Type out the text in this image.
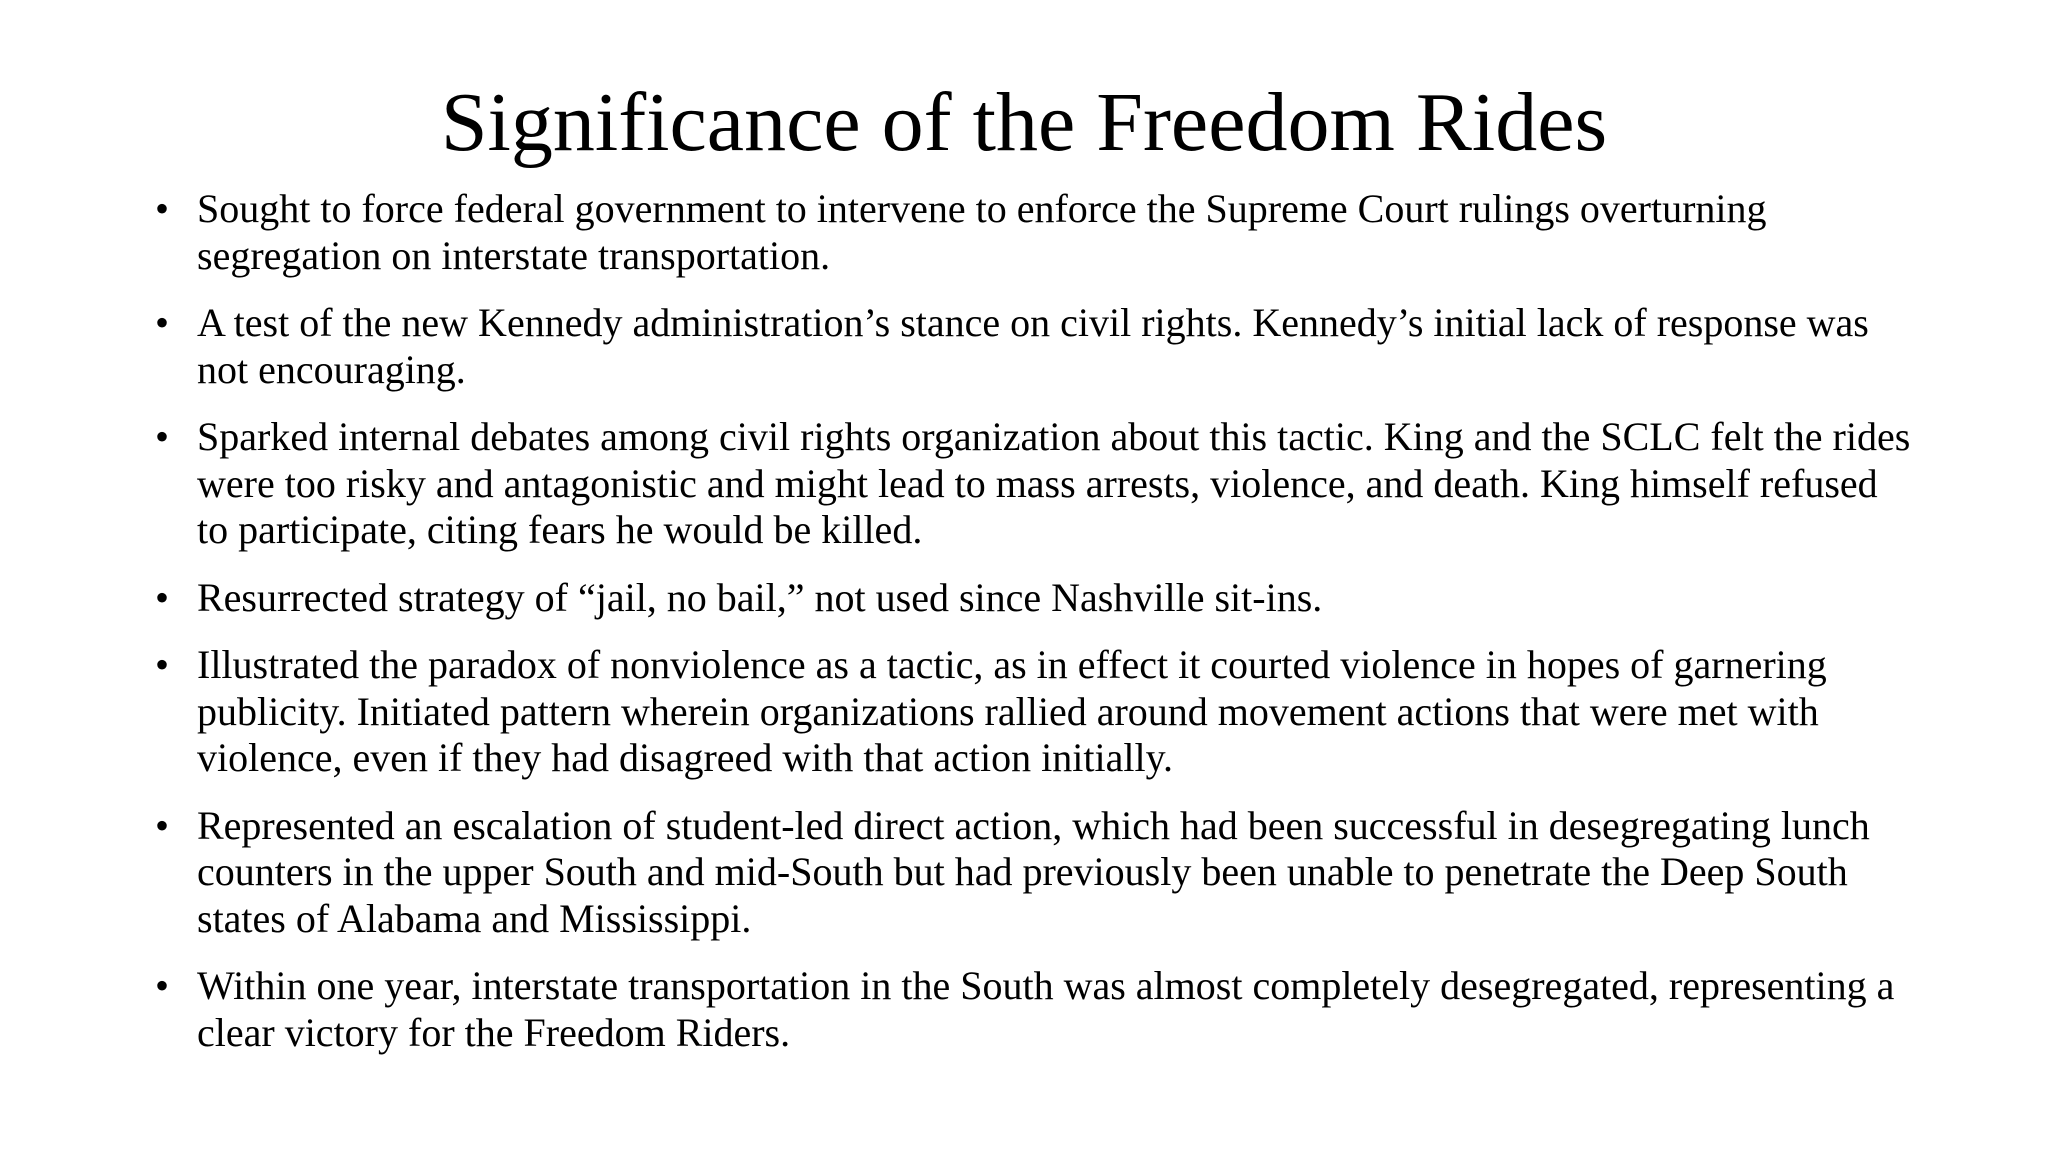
Significance of the Freedom Rides
• Sought to force federal government to intervene to enforce the Supreme Court rulings overturning segregation on interstate transportation.
• A test of the new Kennedy administration’s stance on civil rights. Kennedy’s initial lack of response was not encouraging.
• Sparked internal debates among civil rights organization about this tactic. King and the SCLC felt the rides were too risky and antagonistic and might lead to mass arrests, violence, and death. King himself refused to participate, citing fears he would be killed.
• Resurrected strategy of “jail, no bail,” not used since Nashville sit-ins.
• Illustrated the paradox of nonviolence as a tactic, as in effect it courted violence in hopes of garnering publicity. Initiated pattern wherein organizations rallied around movement actions that were met with violence, even if they had disagreed with that action initially.
• Represented an escalation of student-led direct action, which had been successful in desegregating lunch counters in the upper South and mid-South but had previously been unable to penetrate the Deep South states of Alabama and Mississippi.
• Within one year, interstate transportation in the South was almost completely desegregated, representing a clear victory for the Freedom Riders.
